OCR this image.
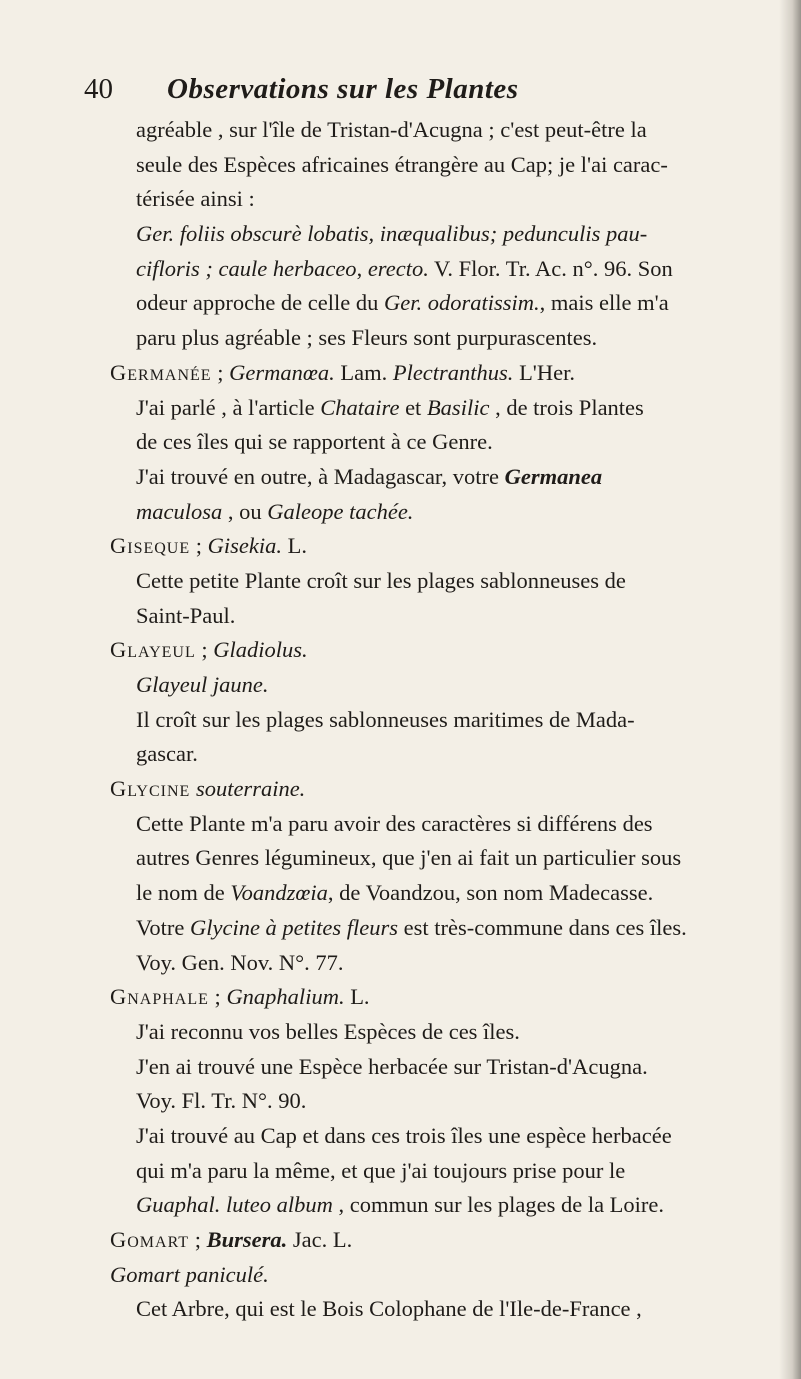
40 Observations sur les Plantes
agréable , sur l'île de Tristan-d'Acugna ; c'est peut-être la
seule des Espèces africaines étrangère au Cap; je l'ai carac-
térisée ainsi :
Ger. foliis obscurè lobatis, inæqualibus; pedunculis pau-
cifloris ; caule herbaceo, erecto. V. Flor. Tr. Ac. n°. 96. Son
odeur approche de celle du Ger. odoratissim., mais elle m'a
paru plus agréable ; ses Fleurs sont purpurascentes.
Germanée ; Germanœa. Lam. Plectranthus. L'Her.
J'ai parlé , à l'article Chataire et Basilic , de trois Plantes
de ces îles qui se rapportent à ce Genre.
J'ai trouvé en outre, à Madagascar, votre Germanea
maculosa , ou Galeope tachée.
Giseque ; Gisekia. L.
Cette petite Plante croît sur les plages sablonneuses de
Saint-Paul.
Glayeul ; Gladiolus.
Glayeul jaune.
Il croît sur les plages sablonneuses maritimes de Mada-
gascar.
Glycine souterraine.
Cette Plante m'a paru avoir des caractères si différens des
autres Genres légumineux, que j'en ai fait un particulier sous
le nom de Voandzœia, de Voandzou, son nom Madecasse.
Votre Glycine à petites fleurs est très-commune dans ces îles.
Voy. Gen. Nov. N°. 77.
Gnaphale ; Gnaphalium. L.
J'ai reconnu vos belles Espèces de ces îles.
J'en ai trouvé une Espèce herbacée sur Tristan-d'Acugna.
Voy. Fl. Tr. N°. 90.
J'ai trouvé au Cap et dans ces trois îles une espèce herbacée
qui m'a paru la même, et que j'ai toujours prise pour le
Guaphal. luteo album , commun sur les plages de la Loire.
Gomart ; Bursera. Jac. L.
Gomart paniculé.
Cet Arbre, qui est le Bois Colophane de l'Ile-de-France ,
